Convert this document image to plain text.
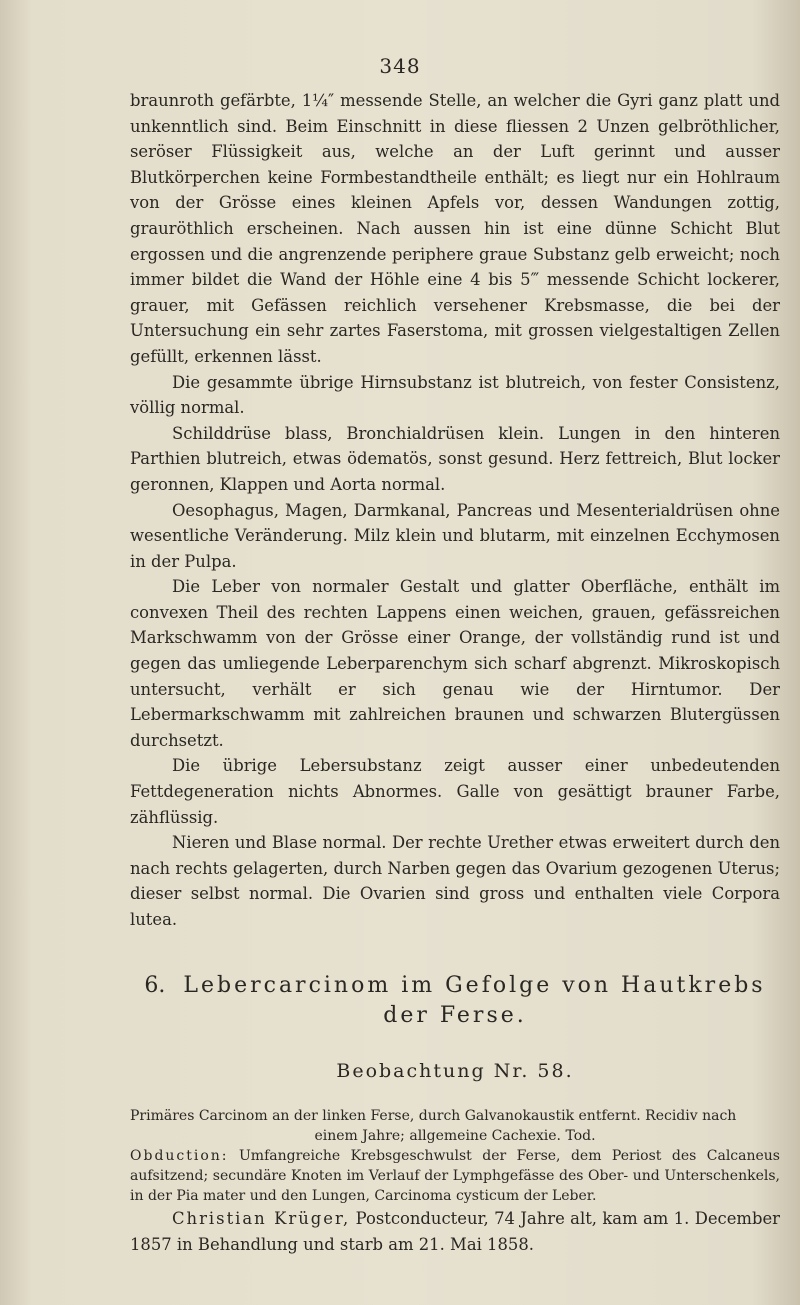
348

braunroth gefärbte, 1¼″ messende Stelle, an welcher die Gyri ganz platt und unkenntlich sind. Beim Einschnitt in diese fliessen 2 Unzen gelbröthlicher, seröser Flüssigkeit aus, welche an der Luft gerinnt und ausser Blutkörperchen keine Formbestandtheile enthält; es liegt nur ein Hohlraum von der Grösse eines kleinen Apfels vor, dessen Wandungen zottig, grauröthlich erscheinen. Nach aussen hin ist eine dünne Schicht Blut ergossen und die angrenzende periphere graue Substanz gelb erweicht; noch immer bildet die Wand der Höhle eine 4 bis 5‴ messende Schicht lockerer, grauer, mit Gefässen reichlich versehener Krebsmasse, die bei der Untersuchung ein sehr zartes Faserstoma, mit grossen vielgestaltigen Zellen gefüllt, erkennen lässt.

Die gesammte übrige Hirnsubstanz ist blutreich, von fester Consistenz, völlig normal.

Schilddrüse blass, Bronchialdrüsen klein. Lungen in den hinteren Parthien blutreich, etwas ödematös, sonst gesund. Herz fettreich, Blut locker geronnen, Klappen und Aorta normal.

Oesophagus, Magen, Darmkanal, Pancreas und Mesenterialdrüsen ohne wesentliche Veränderung. Milz klein und blutarm, mit einzelnen Ecchymosen in der Pulpa.

Die Leber von normaler Gestalt und glatter Oberfläche, enthält im convexen Theil des rechten Lappens einen weichen, grauen, gefässreichen Markschwamm von der Grösse einer Orange, der vollständig rund ist und gegen das umliegende Leberparenchym sich scharf abgrenzt. Mikroskopisch untersucht, verhält er sich genau wie der Hirntumor. Der Lebermarkschwamm mit zahlreichen braunen und schwarzen Blutergüssen durchsetzt.

Die übrige Lebersubstanz zeigt ausser einer unbedeutenden Fettdegeneration nichts Abnormes. Galle von gesättigt brauner Farbe, zähflüssig.

Nieren und Blase normal. Der rechte Urether etwas erweitert durch den nach rechts gelagerten, durch Narben gegen das Ovarium gezogenen Uterus; dieser selbst normal. Die Ovarien sind gross und enthalten viele Corpora lutea.

6. Lebercarcinom im Gefolge von Hautkrebs
der Ferse.
Beobachtung Nr. 58.
Primäres Carcinom an der linken Ferse, durch Galvanokaustik entfernt. Recidiv nach
einem Jahre; allgemeine Cachexie. Tod.
Obduction: Umfangreiche Krebsgeschwulst der Ferse, dem Periost des Calcaneus aufsitzend; secundäre Knoten im Verlauf der Lymphgefässe des Ober- und Unterschenkels, in der Pia mater und den Lungen, Carcinoma cysticum der Leber.

Christian Krüger, Postconducteur, 74 Jahre alt, kam am 1. December 1857 in Behandlung und starb am 21. Mai 1858.
